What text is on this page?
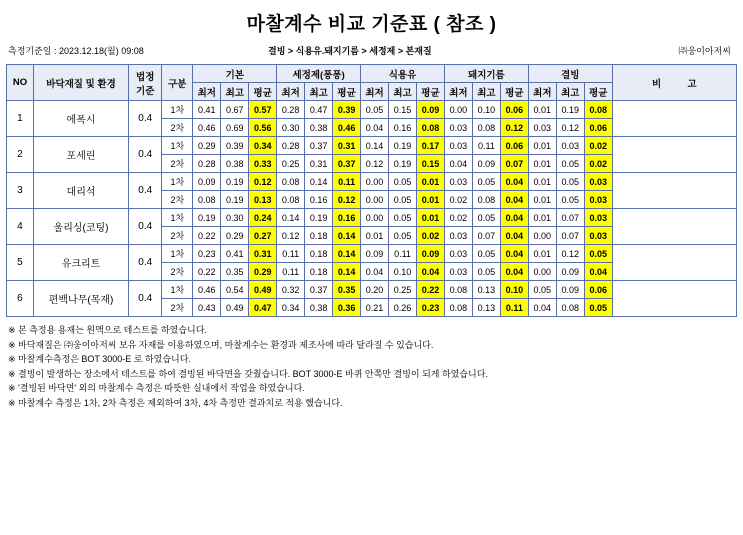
마찰계수 비교 기준표 ( 참조 )
측정기준일 : 2023.12.18(월) 09:08	결빙 > 식용유.돼지기름 > 세정제 > 본재질	㈜웅이아저씨
NO	바닥재질 및 환경	법정
기준	구분	기본			세정제(퐁퐁)			식용유			돼지기름			결빙			비 고
				최저	최고	평균	최저	최고	평균	최저	최고	평균	최저	최고	평균	최저	최고	평균	
1	에폭시	0.4	1차	0.41	0.67	0.57	0.28	0.47	0.39	0.05	0.15	0.09	0.00	0.10	0.06	0.01	0.19	0.08	
			2차	0.46	0.69	0.56	0.30	0.38	0.46	0.04	0.16	0.08	0.03	0.08	0.12	0.03	0.12	0.06	
2	포세린	0.4	1차	0.29	0.39	0.34	0.28	0.37	0.31	0.14	0.19	0.17	0.03	0.11	0.06	0.01	0.03	0.02	
			2차	0.28	0.38	0.33	0.25	0.31	0.37	0.12	0.19	0.15	0.04	0.09	0.07	0.01	0.05	0.02	
3	대리석	0.4	1차	0.09	0.19	0.12	0.08	0.14	0.11	0.00	0.05	0.01	0.03	0.05	0.04	0.01	0.05	0.03	
			2차	0.08	0.19	0.13	0.08	0.16	0.12	0.00	0.05	0.01	0.02	0.08	0.04	0.01	0.05	0.03	
4	울리싱(코팅)	0.4	1차	0.19	0.30	0.24	0.14	0.19	0.16	0.00	0.05	0.01	0.02	0.05	0.04	0.01	0.07	0.03	
			2차	0.22	0.29	0.27	0.12	0.18	0.14	0.01	0.05	0.02	0.03	0.07	0.04	0.00	0.07	0.03	
5	유크리트	0.4	1차	0.23	0.41	0.31	0.11	0.18	0.14	0.09	0.11	0.09	0.03	0.05	0.04	0.01	0.12	0.05	
			2차	0.22	0.35	0.29	0.11	0.18	0.14	0.04	0.10	0.04	0.03	0.05	0.04	0.00	0.09	0.04	
6	편백나무(목재)	0.4	1차	0.46	0.54	0.49	0.32	0.37	0.35	0.20	0.25	0.22	0.08	0.13	0.10	0.05	0.09	0.06	
			2차	0.43	0.49	0.47	0.34	0.38	0.36	0.21	0.26	0.23	0.08	0.13	0.11	0.04	0.08	0.05	
※ 본 측정용 용재는 원액으로 테스트를 하였습니다.
※ 바닥재질은 ㈜웅이아저씨 보유 자재를 이용하였으며, 마찰계수는 환경과 제조사에 따라 달라질 수 있습니다.
※ 마찰계수측정은 BOT 3000-E 로 하였습니다.
※ 결빙이 발생하는 장소에서 테스트를 하여 결빙된 바닥면을 갖췄습니다. BOT 3000-E 바퀴 안쪽만 결빙이 되게 하였습니다.
※ '결빙된 바닥면' 외의 마찰계수 측정은 따뜻한 실내에서 작업을 하였습니다.
※ 마찰계수 측정은 1차, 2차 측정은 제외하여 3차, 4차 측정만 결과치로 적용 했습니다.
